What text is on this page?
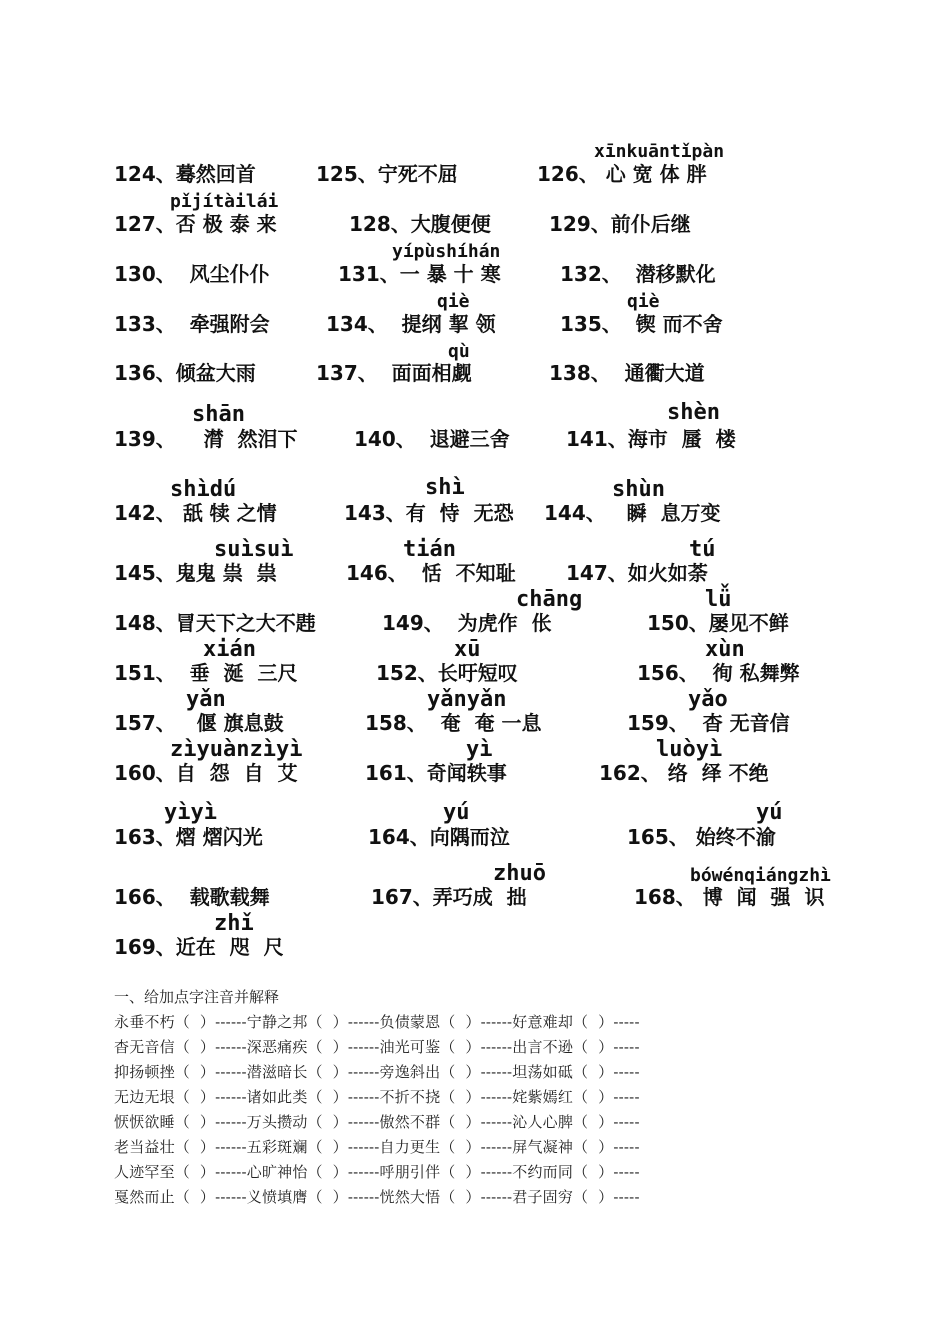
xīnkuāntǐpàn
124、蓦然回首	125、宁死不屈	126、 心 宽 体 胖
pǐjítàilái
127、否 极 泰 来	128、大腹便便	129、前仆后继
yípùshíhán
130、  风尘仆仆	131、一 暴 十 寒	132、  潜移默化
qiè	qiè
133、  牵强附会	134、  提纲 挈 领	135、  锲 而不舍
qù
136、倾盆大雨	137、  面面相觑	138、  通衢大道
shān	shèn
139、    潸  然泪下	140、  退避三舍	141、海市  蜃  楼
shìdú	shì	shùn
142、 舐 犊 之情	143、有  恃  无恐 144、   瞬  息万变
suìsuì	tián	tú
145、鬼鬼 祟  祟	146、  恬  不知耻	147、如火如荼
chāng	lǚ
148、冒天下之大不韪	149、  为虎作  伥	150、屡见不鲜
xián	xū	xùn
151、  垂  涎  三尺	152、长吁短叹	156、  徇 私舞弊
yǎn	yǎnyǎn	yǎo
157、   偃 旗息鼓	158、  奄  奄 一息	159、  杳 无音信
zìyuànzìyì	yì	luòyì
160、自  怨  自  艾	161、奇闻轶事	162、 络  绎 不绝
yìyì	yú	yú
163、熠 熠闪光	164、向隅而泣	165、 始终不渝
zhuō	bówénqiángzhì
166、  载歌载舞	167、弄巧成  拙	168、 博  闻  强  识
zhǐ
169、近在  咫  尺
一、给加点字注音并解释
永垂不朽（  ）------宁静之邦（  ）------负债蒙恩（  ）------好意难却（  ）-----
杳无音信（  ）------深恶痛疾（  ）------油光可鉴（  ）------出言不逊（  ）-----
抑扬顿挫（  ）------潜滋暗长（  ）------旁逸斜出（  ）------坦荡如砥（  ）-----
无边无垠（  ）------诸如此类（  ）------不折不挠（  ）------姹紫嫣红（  ）-----
恹恹欲睡（  ）------万头攒动（  ）------傲然不群（  ）------沁人心脾（  ）-----
老当益壮（  ）------五彩斑斓（  ）------自力更生（  ）------屏气凝神（  ）-----
人迹罕至（  ）------心旷神怡（  ）------呼朋引伴（  ）------不约而同（  ）-----
戛然而止（  ）------义愤填膺（  ）------恍然大悟（  ）------君子固穷（  ）-----
